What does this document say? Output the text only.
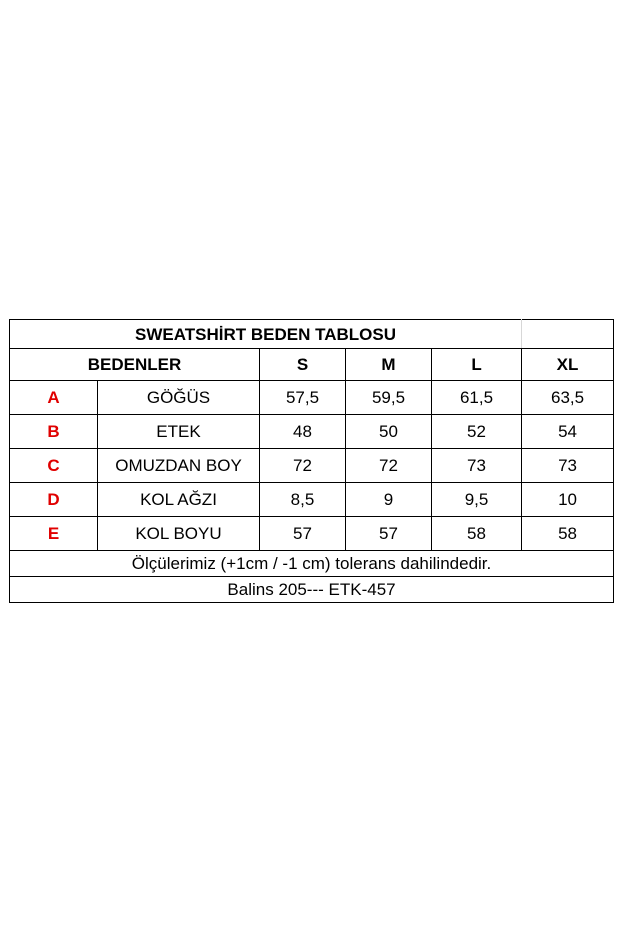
SWEATSHİRT BEDEN TABLOSU					
BEDENLER		S	M	L	XL
A	GÖĞÜS	57,5	59,5	61,5	63,5
B	ETEK	48	50	52	54
C	OMUZDAN BOY	72	72	73	73
D	KOL AĞZI	8,5	9	9,5	10
E	KOL BOYU	57	57	58	58
Ölçülerimiz (+1cm / -1 cm) tolerans dahilindedir.					
Balins 205--- ETK-457					
